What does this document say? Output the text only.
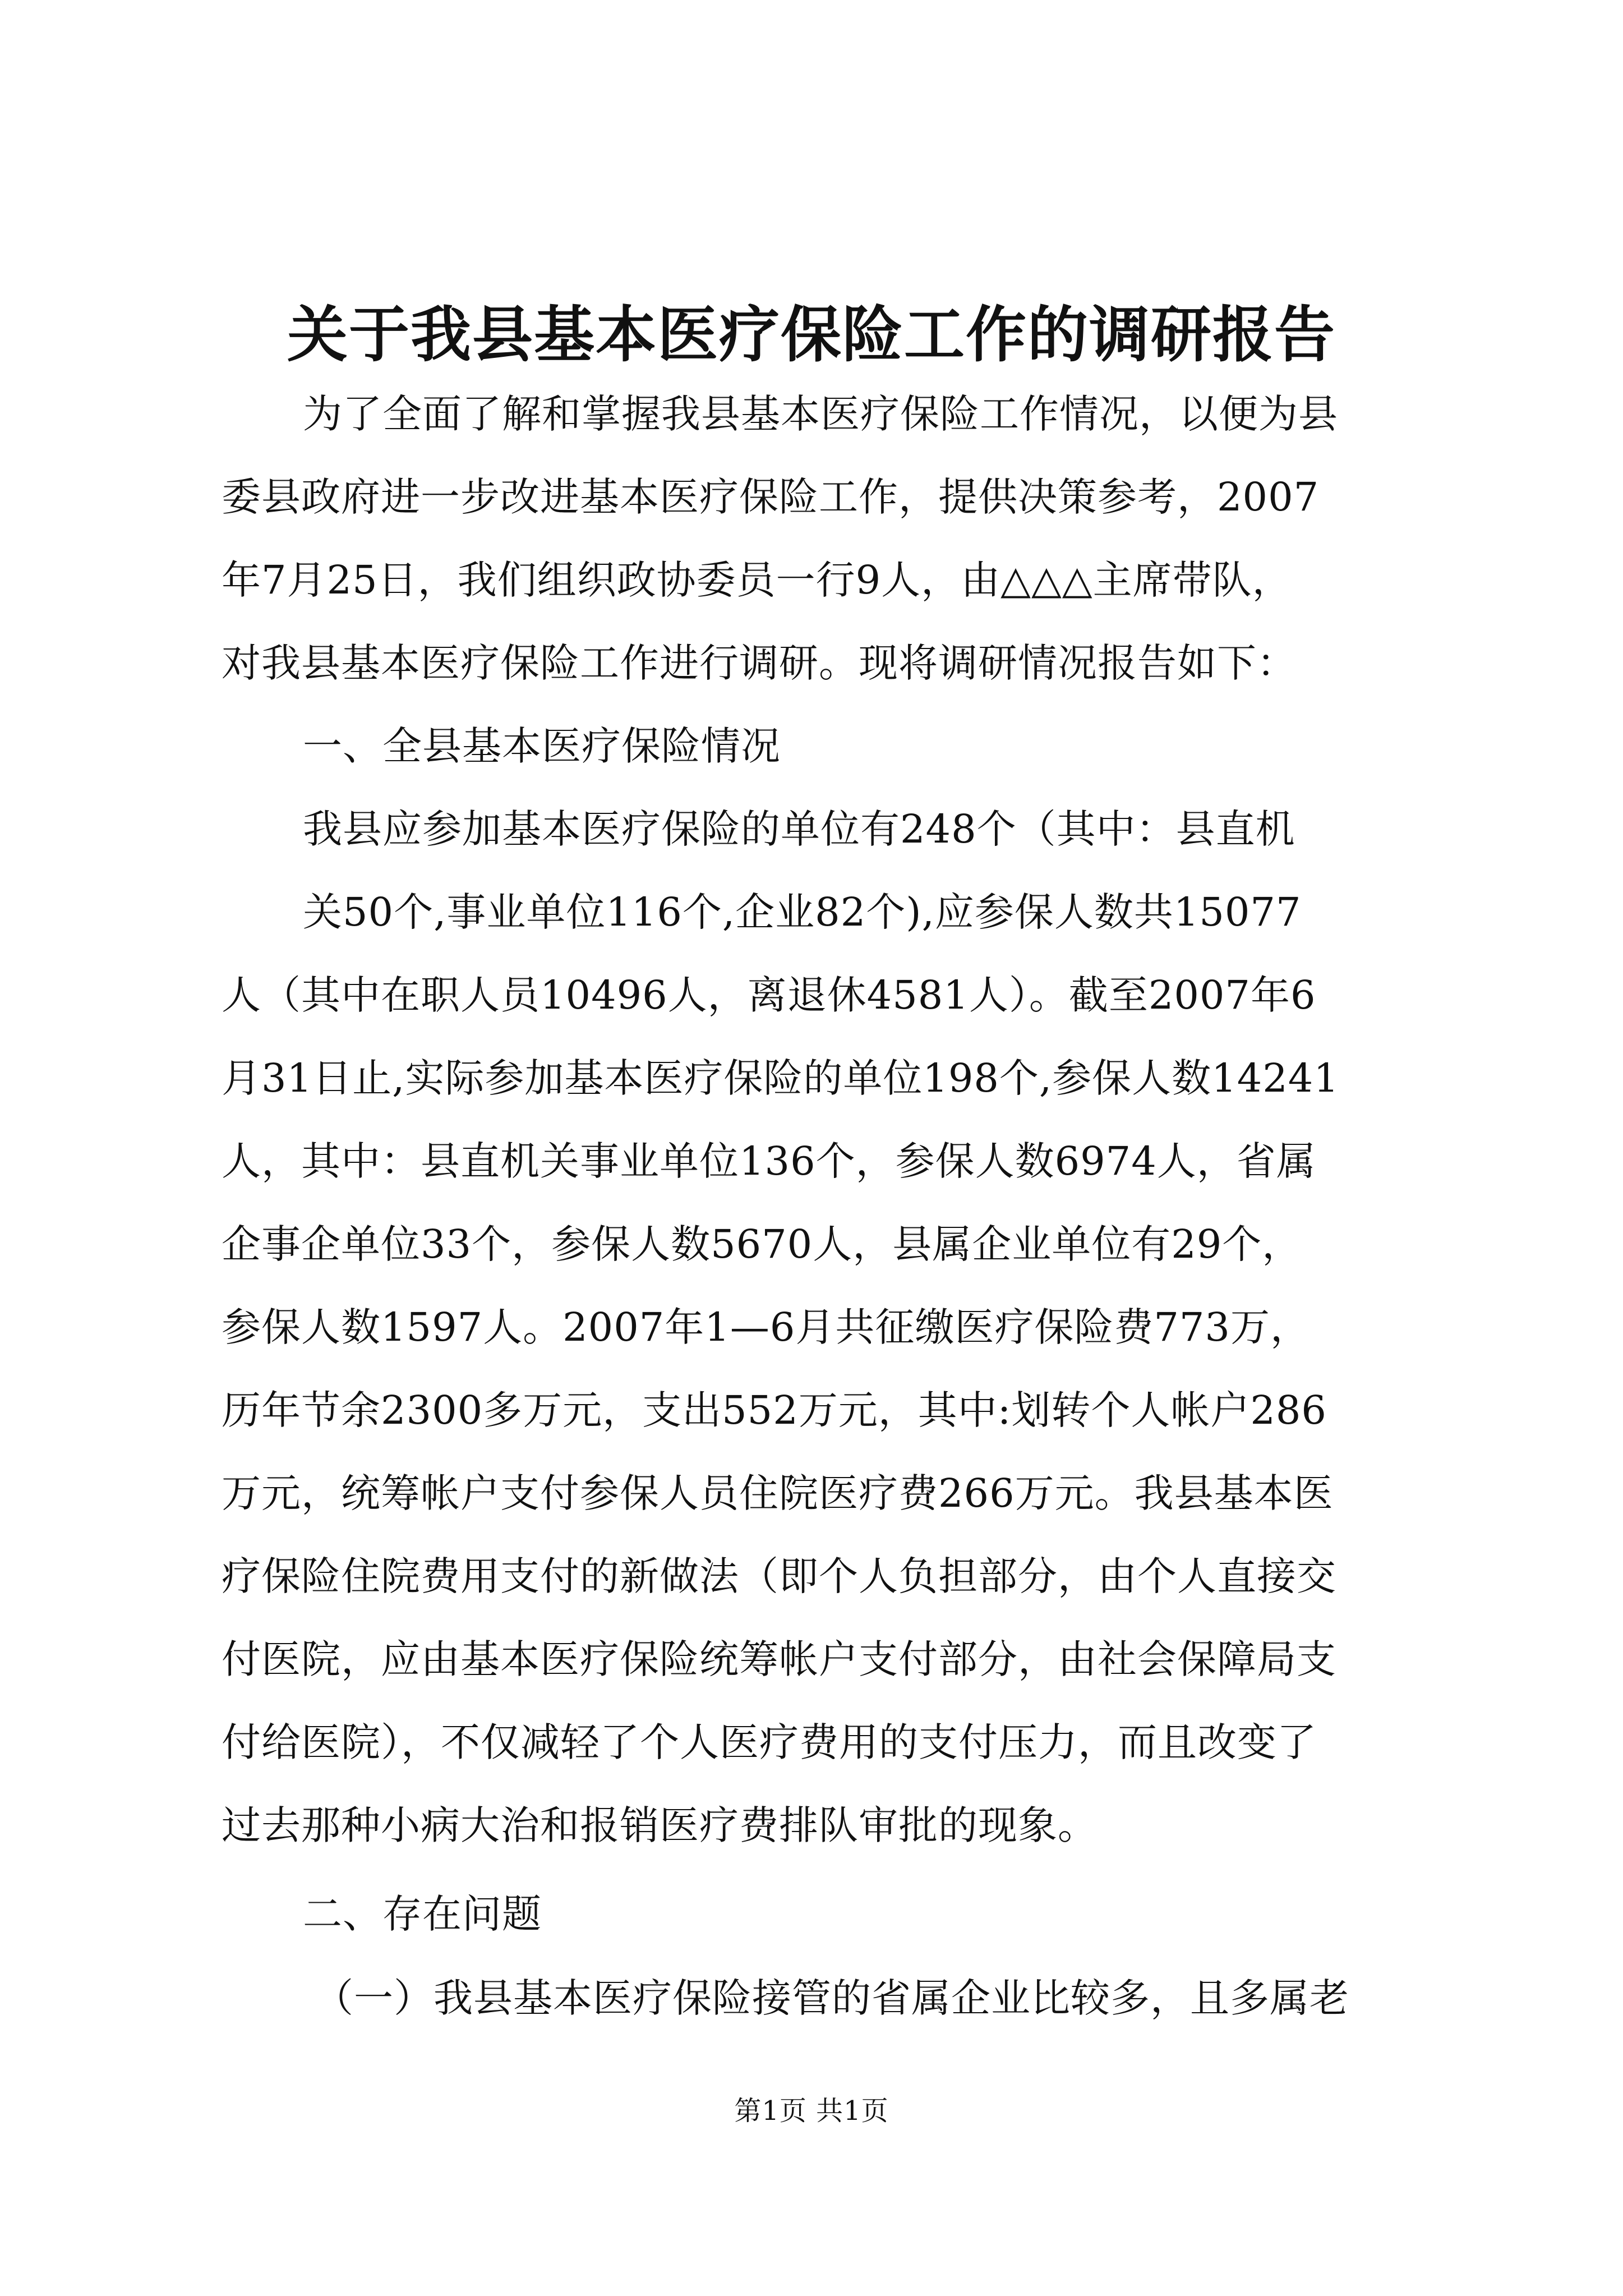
关于我县基本医疗保险工作的调研报告
为了全面了解和掌握我县基本医疗保险工作情况，以便为县
委县政府进一步改进基本医疗保险工作，提供决策参考，2007
年7月25日，我们组织政协委员一行9人，由△△△主席带队，
对我县基本医疗保险工作进行调研。现将调研情况报告如下：
一、全县基本医疗保险情况
我县应参加基本医疗保险的单位有248个（其中：县直机
关50个,事业单位116个,企业82个),应参保人数共15077
人（其中在职人员10496人，离退休4581人）。截至2007年6
月31日止,实际参加基本医疗保险的单位198个,参保人数14241
人，其中：县直机关事业单位136个，参保人数6974人，省属
企事企单位33个，参保人数5670人，县属企业单位有29个，
参保人数1597人。2007年1—6月共征缴医疗保险费773万，
历年节余2300多万元，支出552万元，其中:划转个人帐户286
万元，统筹帐户支付参保人员住院医疗费266万元。我县基本医
疗保险住院费用支付的新做法（即个人负担部分，由个人直接交
付医院，应由基本医疗保险统筹帐户支付部分，由社会保障局支
付给医院），不仅减轻了个人医疗费用的支付压力，而且改变了
过去那种小病大治和报销医疗费排队审批的现象。
二、存在问题
（一）我县基本医疗保险接管的省属企业比较多，且多属老
第1页 共1页
